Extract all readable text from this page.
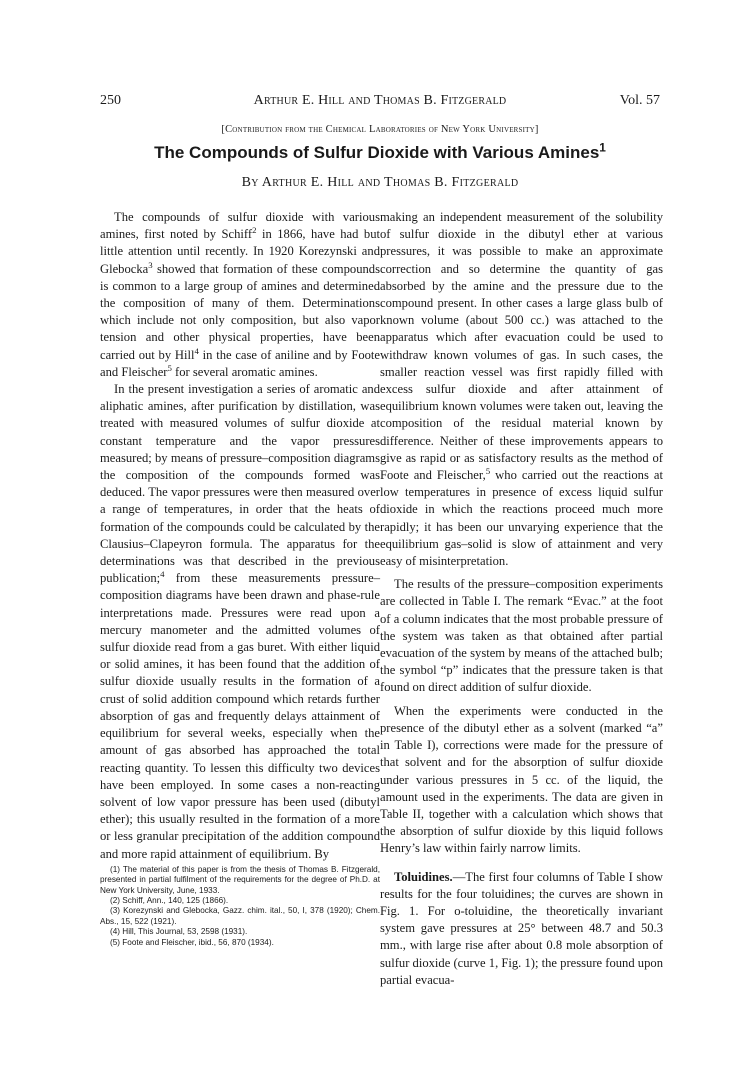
250	Arthur E. Hill and Thomas B. Fitzgerald	Vol. 57
[Contribution from the Chemical Laboratories of New York University]
The Compounds of Sulfur Dioxide with Various Amines$^1$
By Arthur E. Hill and Thomas B. Fitzgerald

The compounds of sulfur dioxide with various amines, first noted by Schiff$^2$ in 1866, have had but little attention until recently. In 1920 Korezynski and Glebocka$^3$ showed that formation of these compounds is common to a large group of amines and determined the composition of many of them. Determinations which include not only composition, but also vapor tension and other physical properties, have been carried out by Hill$^4$ in the case of aniline and by Foote and Fleischer$^5$ for several aromatic amines.

In the present investigation a series of aromatic and aliphatic amines, after purification by distillation, was treated with measured volumes of sulfur dioxide at constant temperature and the vapor pressures measured; by means of pressure–composition diagrams the composition of the compounds formed was deduced. The vapor pressures were then measured over a range of temperatures, in order that the heats of formation of the compounds could be calculated by the Clausius–Clapeyron formula. The apparatus for the determinations was that described in the previous publication;$^4$ from these measurements pressure–composition diagrams have been drawn and phase-rule interpretations made. Pressures were read upon a mercury manometer and the admitted volumes of sulfur dioxide read from a gas buret. With either liquid or solid amines, it has been found that the addition of sulfur dioxide usually results in the formation of a crust of solid addition compound which retards further absorption of gas and frequently delays attainment of equilibrium for several weeks, especially when the amount of gas absorbed has approached the total reacting quantity. To lessen this difficulty two devices have been employed. In some cases a non-reacting solvent of low vapor pressure has been used (dibutyl ether); this usually resulted in the formation of a more or less granular precipitation of the addition compound and more rapid attainment of equilibrium. By

(1) The material of this paper is from the thesis of Thomas B. Fitzgerald, presented in partial fulfilment of the requirements for the degree of Ph.D. at New York University, June, 1933.
(2) Schiff, Ann., 140, 125 (1866).
(3) Korezynski and Glebocka, Gazz. chim. ital., 50, I, 378 (1920); Chem. Abs., 15, 522 (1921).
(4) Hill, This Journal, 53, 2598 (1931).
(5) Foote and Fleischer, ibid., 56, 870 (1934).

making an independent measurement of the solubility of sulfur dioxide in the dibutyl ether at various pressures, it was possible to make an approximate correction and so determine the quantity of gas absorbed by the amine and the pressure due to the compound present. In other cases a large glass bulb of known volume (about 500 cc.) was attached to the apparatus which after evacuation could be used to withdraw known volumes of gas. In such cases, the smaller reaction vessel was first rapidly filled with excess sulfur dioxide and after attainment of equilibrium known volumes were taken out, leaving the composition of the residual material known by difference. Neither of these improvements appears to give as rapid or as satisfactory results as the method of Foote and Fleischer,$^5$ who carried out the reactions at low temperatures in presence of excess liquid sulfur dioxide in which the reactions proceed much more rapidly; it has been our unvarying experience that the equilibrium gas–solid is slow of attainment and very easy of misinterpretation.

The results of the pressure–composition experiments are collected in Table I. The remark “Evac.” at the foot of a column indicates that the most probable pressure of the system was taken as that obtained after partial evacuation of the system by means of the attached bulb; the symbol “p” indicates that the pressure taken is that found on direct addition of sulfur dioxide.

When the experiments were conducted in the presence of the dibutyl ether as a solvent (marked “a” in Table I), corrections were made for the pressure of that solvent and for the absorption of sulfur dioxide under various pressures in 5 cc. of the liquid, the amount used in the experiments. The data are given in Table II, together with a calculation which shows that the absorption of sulfur dioxide by this liquid follows Henry’s law within fairly narrow limits.

Toluidines.—The first four columns of Table I show results for the four toluidines; the curves are shown in Fig. 1. For o-toluidine, the theoretically invariant system gave pressures at 25° between 48.7 and 50.3 mm., with large rise after about 0.8 mole absorption of sulfur dioxide (curve 1, Fig. 1); the pressure found upon partial evacua-
